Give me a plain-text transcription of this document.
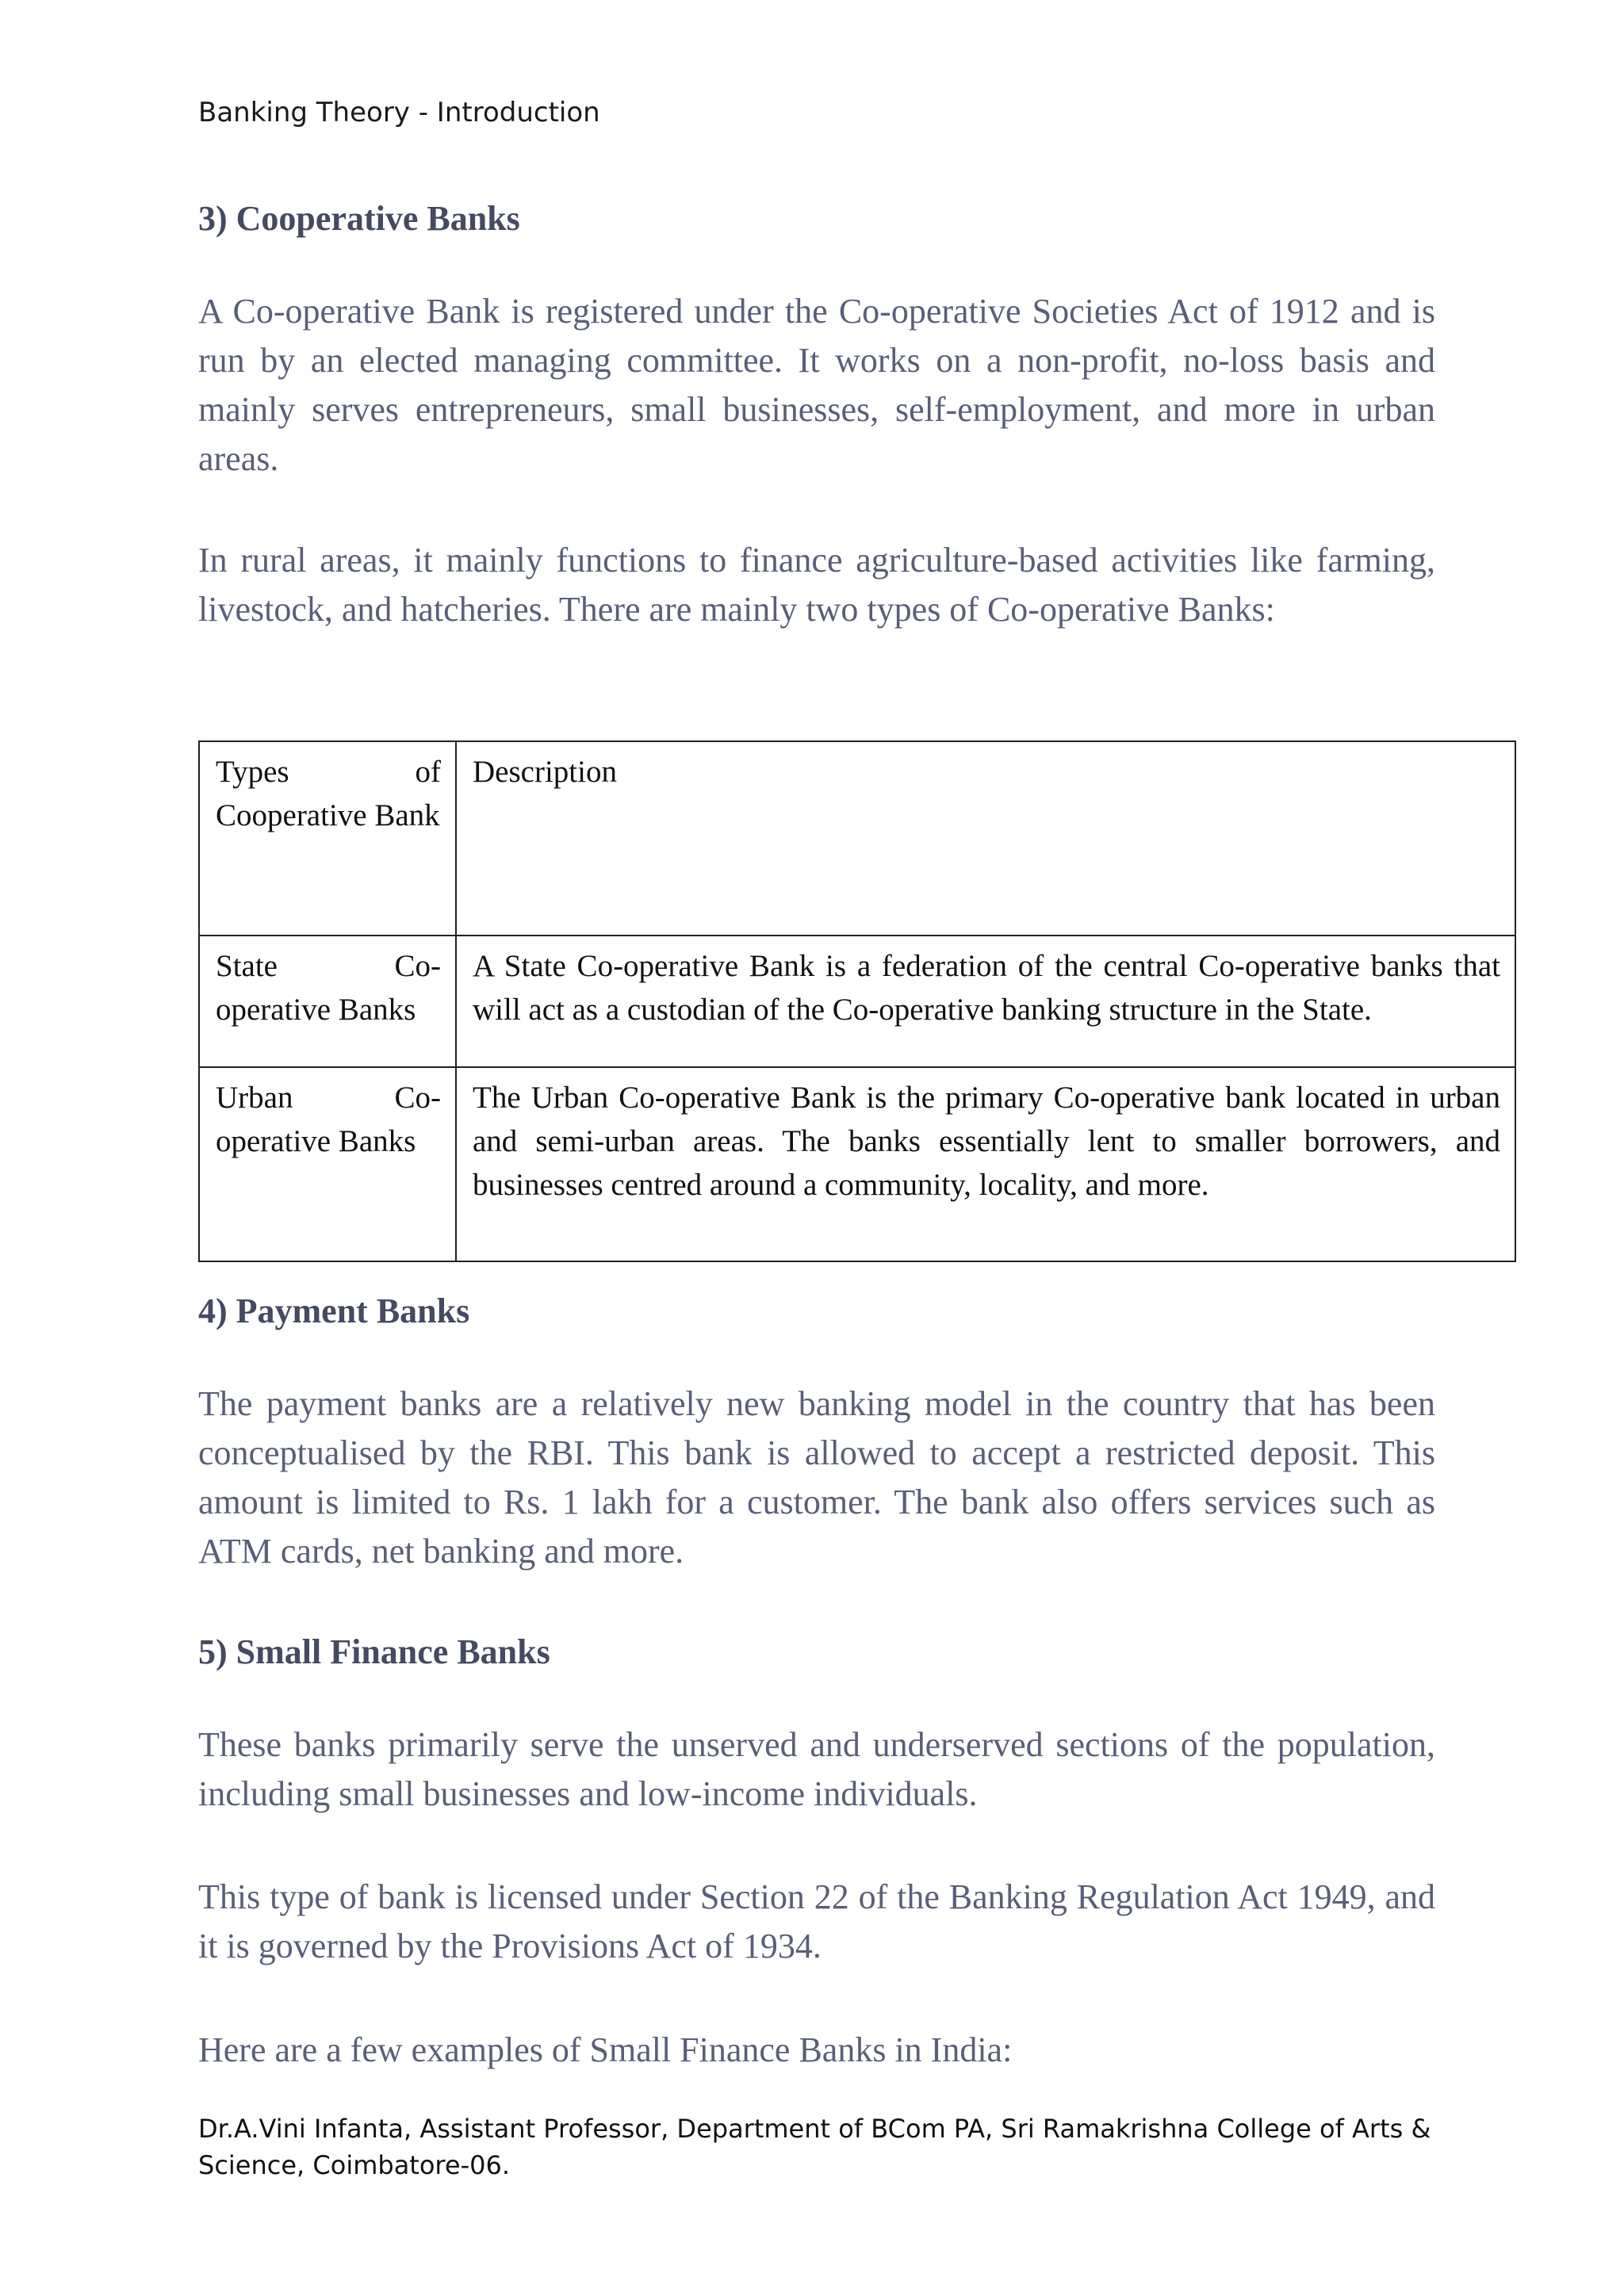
Banking Theory - Introduction
3) Cooperative Banks

A Co-operative Bank is registered under the Co-operative Societies Act of 1912 and is run by an elected managing committee. It works on a non-profit, no-loss basis and mainly serves entrepreneurs, small businesses, self-employment, and more in urban areas.

In rural areas, it mainly functions to finance agriculture-based activities like farming, livestock, and hatcheries. There are mainly two types of Co-operative Banks:

Types of Cooperative Bank	Description
State Co-operative Banks	A State Co-operative Bank is a federation of the central Co-operative banks that will act as a custodian of the Co-operative banking structure in the State.
Urban Co-operative Banks	The Urban Co-operative Bank is the primary Co-operative bank located in urban and semi-urban areas. The banks essentially lent to smaller borrowers, and businesses centred around a community, locality, and more.
4) Payment Banks

The payment banks are a relatively new banking model in the country that has been conceptualised by the RBI. This bank is allowed to accept a restricted deposit. This amount is limited to Rs. 1 lakh for a customer. The bank also offers services such as ATM cards, net banking and more.

5) Small Finance Banks

These banks primarily serve the unserved and underserved sections of the population, including small businesses and low-income individuals.

This type of bank is licensed under Section 22 of the Banking Regulation Act 1949, and it is governed by the Provisions Act of 1934.

Here are a few examples of Small Finance Banks in India:

Dr.A.Vini Infanta, Assistant Professor, Department of BCom PA, Sri Ramakrishna College of Arts & Science, Coimbatore-06.
